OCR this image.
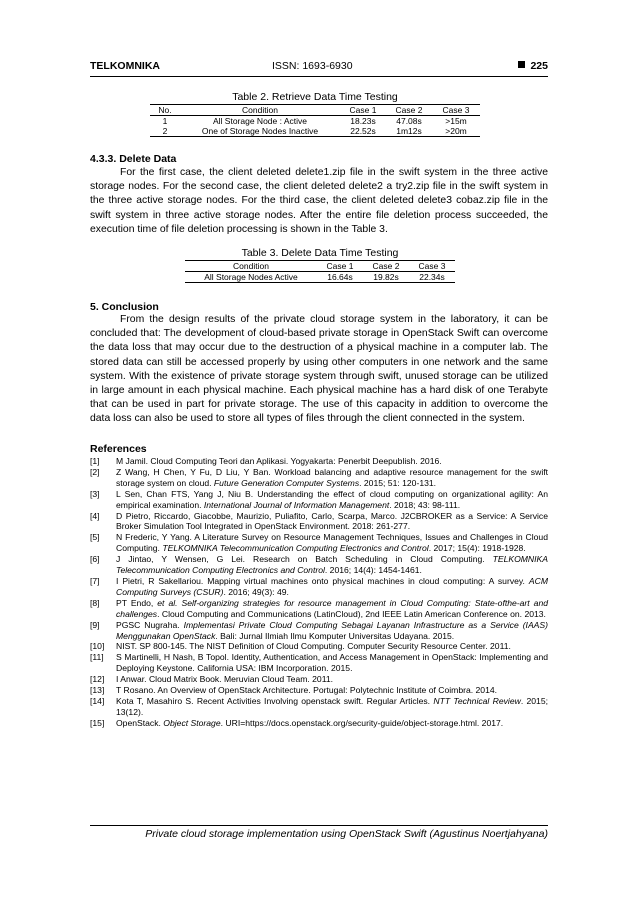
TELKOMNIKA	ISSN: 1693-6930	225
Table 2. Retrieve Data Time Testing
No.	Condition	Case 1	Case 2	Case 3
1	All Storage Node : Active	18.23s	47.08s	>15m
2	One of Storage Nodes Inactive	22.52s	1m12s	>20m
4.3.3. Delete Data
For the first case, the client deleted delete1.zip file in the swift system in the three active storage nodes. For the second case, the client deleted delete2 a try2.zip file in the swift system in the three active storage nodes. For the third case, the client deleted delete3 cobaz.zip file in the swift system in three active storage nodes. After the entire file deletion process succeeded, the execution time of file deletion processing is shown in the Table 3.
Table 3. Delete Data Time Testing
Condition	Case 1	Case 2	Case 3
All Storage Nodes Active	16.64s	19.82s	22.34s
5. Conclusion
From the design results of the private cloud storage system in the laboratory, it can be concluded that: The development of cloud-based private storage in OpenStack Swift can overcome the data loss that may occur due to the destruction of a physical machine in a computer lab. The stored data can still be accessed properly by using other computers in one network and the same system. With the existence of private storage system through swift, unused storage can be utilized in large amount in each physical machine. Each physical machine has a hard disk of one Terabyte that can be used in part for private storage. The use of this capacity in addition to overcome the data loss can also be used to store all types of files through the client connected in the system.
References
[1] M Jamil. Cloud Computing Teori dan Aplikasi. Yogyakarta: Penerbit Deepublish. 2016.
[2] Z Wang, H Chen, Y Fu, D Liu, Y Ban. Workload balancing and adaptive resource management for the swift storage system on cloud. Future Generation Computer Systems. 2015; 51: 120-131.
[3] L Sen, Chan FTS, Yang J, Niu B. Understanding the effect of cloud computing on organizational agility: An empirical examination. International Journal of Information Management. 2018; 43: 98-111.
[4] D Pietro, Riccardo, Giacobbe, Maurizio, Puliafito, Carlo, Scarpa, Marco. J2CBROKER as a Service: A Service Broker Simulation Tool Integrated in OpenStack Environment. 2018: 261-277.
[5] N Frederic, Y Yang. A Literature Survey on Resource Management Techniques, Issues and Challenges in Cloud Computing. TELKOMNIKA Telecommunication Computing Electronics and Control. 2017; 15(4): 1918-1928.
[6] J Jintao, Y Wensen, G Lei. Research on Batch Scheduling in Cloud Computing. TELKOMNIKA Telecommunication Computing Electronics and Control. 2016; 14(4): 1454-1461.
[7] I Pietri, R Sakellariou. Mapping virtual machines onto physical machines in cloud computing: A survey. ACM Computing Surveys (CSUR). 2016; 49(3): 49.
[8] PT Endo, et al. Self-organizing strategies for resource management in Cloud Computing: State-ofthe-art and challenges. Cloud Computing and Communications (LatinCloud), 2nd IEEE Latin American Conference on. 2013.
[9] PGSC Nugraha. Implementasi Private Cloud Computing Sebagai Layanan Infrastructure as a Service (IAAS) Menggunakan OpenStack. Bali: Jurnal Ilmiah Ilmu Komputer Universitas Udayana. 2015.
[10] NIST. SP 800-145. The NIST Definition of Cloud Computing. Computer Security Resource Center. 2011.
[11] S Martinelli, H Nash, B Topol. Identity, Authentication, and Access Management in OpenStack: Implementing and Deploying Keystone. California USA: IBM Incorporation. 2015.
[12] I Anwar. Cloud Matrix Book. Meruvian Cloud Team. 2011.
[13] T Rosano. An Overview of OpenStack Architecture. Portugal: Polytechnic Institute of Coimbra. 2014.
[14] Kota T, Masahiro S. Recent Activities Involving openstack swift. Regular Articles. NTT Technical Review. 2015; 13(12).
[15] OpenStack. Object Storage. URI=https://docs.openstack.org/security-guide/object-storage.html. 2017.
Private cloud storage implementation using OpenStack Swift (Agustinus Noertjahyana)
